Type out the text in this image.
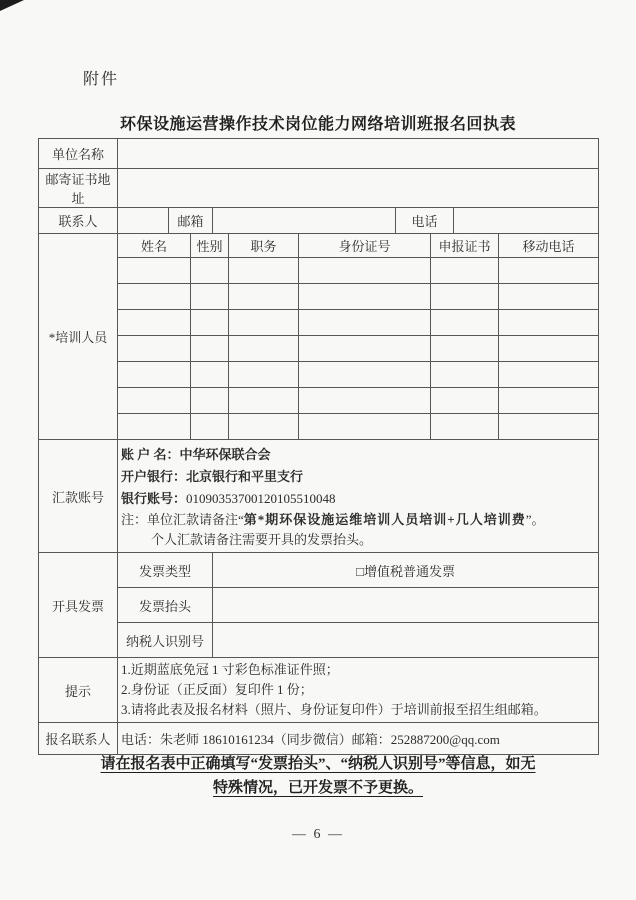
附件
环保设施运营操作技术岗位能力网络培训班报名回执表
单位名称										
邮寄证书地址										
联系人		邮箱					电话			
*培训人员	姓名		性别		职务	身份证号		申报证书		移动电话

汇款账号	账 户 名：中华环保联合会
开户银行：北京银行和平里支行
银行账号：01090353700120105510048
注：单位汇款请备注“第*期环保设施运维培训人员培训+几人培训费”。
个人汇款请备注需要开具的发票抬头。									

开具发票	发票类型			□增值税普通发票						
	发票抬头									
	纳税人识别号									
提示	1.近期蓝底免冠 1 寸彩色标准证件照；
2.身份证（正反面）复印件 1 份；
3.请将此表及报名材料（照片、身份证复印件）于培训前报至招生组邮箱。									

报名联系人	电话：朱老师 18610161234（同步微信）邮箱：252887200@qq.com									
请在报名表中正确填写“发票抬头”、“纳税人识别号”等信息，如无
特殊情况，已开发票不予更换。
— 6 —
